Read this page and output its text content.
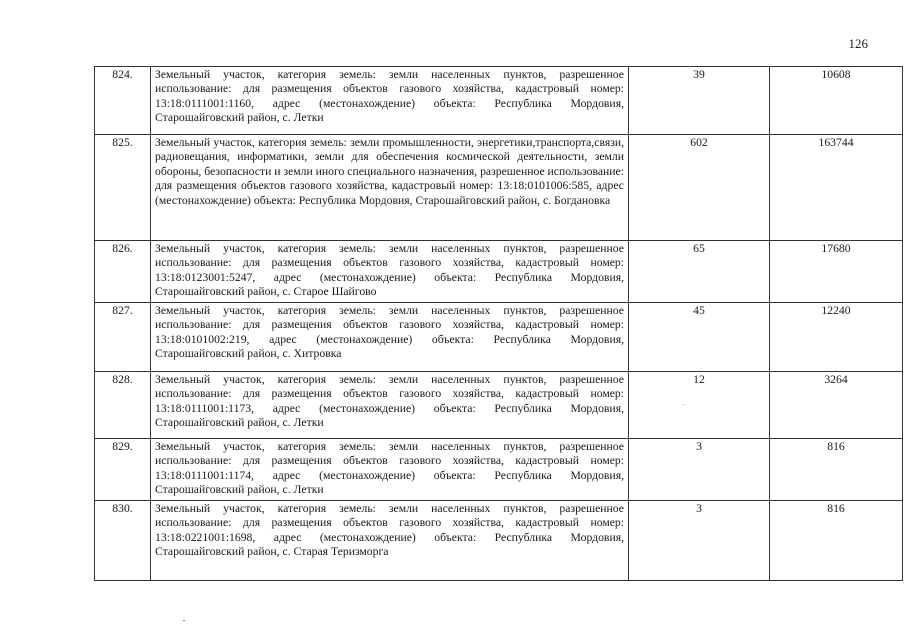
126
824.	Земельный участок, категория земель: земли населенных пунктов, разрешенное использование: для размещения объектов газового хозяйства, кадастровый номер: 13:18:0111001:1160, адрес (местонахождение) объекта: Республика Мордовия, Старошайговский район, с. Летки	39	10608
825.	Земельный участок, категория земель: земли промышленности, энергетики,транспорта,связи, радиовещания, информатики, земли для обеспечения космической деятельности, земли обороны, безопасности и земли иного специального назначения, разрешенное использование: для размещения объектов газового хозяйства, кадастровый номер: 13:18:0101006:585, адрес (местонахождение) объекта: Республика Мордовия, Старошайговский район, с. Богдановка	602	163744
826.	Земельный участок, категория земель: земли населенных пунктов, разрешенное использование: для размещения объектов газового хозяйства, кадастровый номер: 13:18:0123001:5247, адрес (местонахождение) объекта: Республика Мордовия, Старошайговский район, с. Старое Шайгово	65	17680
827.	Земельный участок, категория земель: земли населенных пунктов, разрешенное использование: для размещения объектов газового хозяйства, кадастровый номер: 13:18:0101002:219, адрес (местонахождение) объекта: Республика Мордовия, Старошайговский район, с. Хитровка	45	12240
828.	Земельный участок, категория земель: земли населенных пунктов, разрешенное использование: для размещения объектов газового хозяйства, кадастровый номер: 13:18:0111001:1173, адрес (местонахождение) объекта: Республика Мордовия, Старошайговский район, с. Летки	12	3264
829.	Земельный участок, категория земель: земли населенных пунктов, разрешенное использование: для размещения объектов газового хозяйства, кадастровый номер: 13:18:0111001:1174, адрес (местонахождение) объекта: Республика Мордовия, Старошайговский район, с. Летки	3	816
830.	Земельный участок, категория земель: земли населенных пунктов, разрешенное использование: для размещения объектов газового хозяйства, кадастровый номер: 13:18:0221001:1698, адрес (местонахождение) объекта: Республика Мордовия, Старошайговский район, с. Старая Теризморга	3	816
